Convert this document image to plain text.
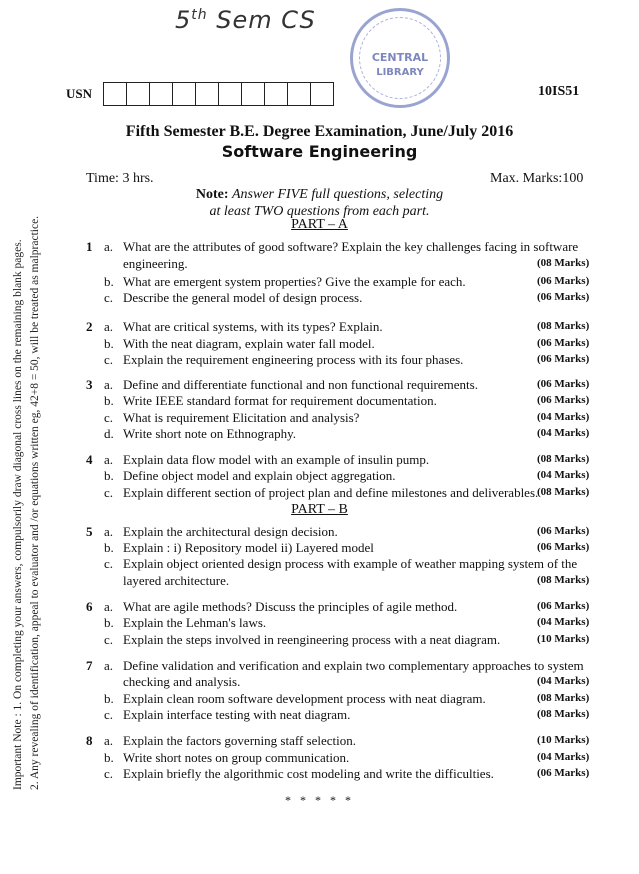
5th Sem CS
CENTRAL
LIBRARY
USN	10IS51
Fifth Semester B.E. Degree Examination, June/July 2016
Software Engineering
Time: 3 hrs.	Max. Marks:100
Note: Answer FIVE full questions, selecting
at least TWO questions from each part.
Important Note : 1. On completing your answers, compulsorily draw diagonal cross lines on the remaining blank pages. 2. Any revealing of identification, appeal to evaluator and /or equations written eg, 42+8 = 50, will be treated as malpractice.	PART – A
PART – B
1 a. What are the attributes of good software? Explain the key challenges facing in software
engineering.	(08 Marks)
b. What are emergent system properties? Give the example for each.	(06 Marks)
c. Describe the general model of design process.	(06 Marks)
2 a. What are critical systems, with its types? Explain.	(08 Marks)
b. With the neat diagram, explain water fall model.	(06 Marks)
c. Explain the requirement engineering process with its four phases.	(06 Marks)
3 a. Define and differentiate functional and non functional requirements.	(06 Marks)
b. Write IEEE standard format for requirement documentation.	(06 Marks)
c. What is requirement Elicitation and analysis?	(04 Marks)
d. Write short note on Ethnography.	(04 Marks)
4 a. Explain data flow model with an example of insulin pump.	(08 Marks)
b. Define object model and explain object aggregation.	(04 Marks)
c. Explain different section of project plan and define milestones and deliverables.
(08 Marks)
5 a. Explain the architectural design decision.	(06 Marks)
b. Explain : i) Repository model ii) Layered model	(06 Marks)
c. Explain object oriented design process with example of weather mapping system of the
layered architecture.	(08 Marks)
6 a. What are agile methods? Discuss the principles of agile method.	(06 Marks)
b. Explain the Lehman's laws.	(04 Marks)
c. Explain the steps involved in reengineering process with a neat diagram.	(10 Marks)
7 a. Define validation and verification and explain two complementary approaches to system
checking and analysis.	(04 Marks)
b. Explain clean room software development process with neat diagram.	(08 Marks)
c. Explain interface testing with neat diagram.	(08 Marks)
8 a. Explain the factors governing staff selection.	(10 Marks)
b. Write short notes on group communication.	(04 Marks)
c. Explain briefly the algorithmic cost modeling and write the difficulties.	(06 Marks)
* * * * *
